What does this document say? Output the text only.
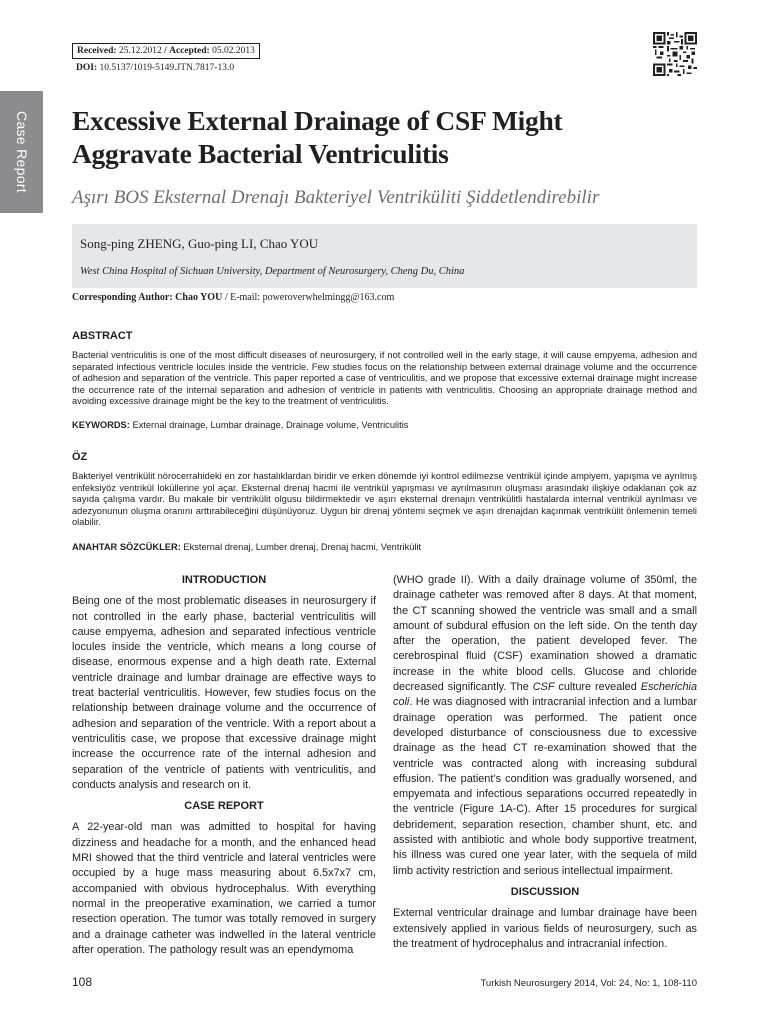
Case Report
Received: 25.12.2012 / Accepted: 05.02.2013
DOI: 10.5137/1019-5149.JTN.7817-13.0
Excessive External Drainage of CSF Might Aggravate Bacterial Ventriculitis
Aşırı BOS Eksternal Drenajı Bakteriyel Ventriküliti Şiddetlendirebilir
Song-ping ZHENG, Guo-ping LI, Chao YOU
West China Hospital of Sichuan University, Department of Neurosurgery, Cheng Du, China
Corresponding Author: Chao YOU / E-mail: poweroverwhelmingg@163.com
ABSTRACT
Bacterial ventriculitis is one of the most difficult diseases of neurosurgery, if not controlled well in the early stage, it will cause empyema, adhesion and separated infectious ventricle locules inside the ventricle. Few studies focus on the relationship between external drainage volume and the occurrence of adhesion and separation of the ventricle. This paper reported a case of ventriculitis, and we propose that excessive external drainage might increase the occurrence rate of the internal separation and adhesion of ventricle in patients with ventriculitis. Choosing an appropriate drainage method and avoiding excessive drainage might be the key to the treatment of ventriculitis.
KEYWORDS: External drainage, Lumbar drainage, Drainage volume, Ventriculitis
ÖZ
Bakteriyel ventrikülit nörocerrahideki en zor hastalıklardan biridir ve erken dönemde iyi kontrol edilmezse ventrikül içinde ampiyem, yapışma ve ayrılmış enfeksiyöz ventrikül loküllerine yol açar. Eksternal drenaj hacmi ile ventrikül yapışması ve ayrılmasının oluşması arasındaki ilişkiye odaklanan çok az sayıda çalışma vardır. Bu makale bir ventrikülit olgusu bildirmektedir ve aşırı eksternal drenajın ventrikülitli hastalarda internal ventrikül ayrılması ve adezyonunun oluşma oranını arttırabileceğini düşünüyoruz. Uygun bir drenaj yöntemi seçmek ve aşırı drenajdan kaçınmak ventrikülit önlemenin temeli olabilir.
ANAHTAR SÖZCÜKLER: Eksternal drenaj, Lumber drenaj, Drenaj hacmi, Ventrikülit

INTRODUCTION

Being one of the most problematic diseases in neurosurgery if not controlled in the early phase, bacterial ventriculitis will cause empyema, adhesion and separated infectious ventricle locules inside the ventricle, which means a long course of disease, enormous expense and a high death rate. External ventricle drainage and lumbar drainage are effective ways to treat bacterial ventriculitis. However, few studies focus on the relationship between drainage volume and the occurrence of adhesion and separation of the ventricle. With a report about a ventriculitis case, we propose that excessive drainage might increase the occurrence rate of the internal adhesion and separation of the ventricle of patients with ventriculitis, and conducts analysis and research on it.

CASE REPORT

A 22-year-old man was admitted to hospital for having dizziness and headache for a month, and the enhanced head MRI showed that the third ventricle and lateral ventricles were occupied by a huge mass measuring about 6.5x7x7 cm, accompanied with obvious hydrocephalus. With everything normal in the preoperative examination, we carried a tumor resection operation. The tumor was totally removed in surgery and a drainage catheter was indwelled in the lateral ventricle after operation. The pathology result was an ependymoma

(WHO grade II). With a daily drainage volume of 350ml, the drainage catheter was removed after 8 days. At that moment, the CT scanning showed the ventricle was small and a small amount of subdural effusion on the left side. On the tenth day after the operation, the patient developed fever. The cerebrospinal fluid (CSF) examination showed a dramatic increase in the white blood cells. Glucose and chloride decreased significantly. The CSF culture revealed Escherichia coli. He was diagnosed with intracranial infection and a lumbar drainage operation was performed. The patient once developed disturbance of consciousness due to excessive drainage as the head CT re-examination showed that the ventricle was contracted along with increasing subdural effusion. The patient’s condition was gradually worsened, and empyemata and infectious separations occurred repeatedly in the ventricle (Figure 1A-C). After 15 procedures for surgical debridement, separation resection, chamber shunt, etc. and assisted with antibiotic and whole body supportive treatment, his illness was cured one year later, with the sequela of mild limb activity restriction and serious intellectual impairment.

DISCUSSION

External ventricular drainage and lumbar drainage have been extensively applied in various fields of neurosurgery, such as the treatment of hydrocephalus and intracranial infection.

108	Turkish Neurosurgery 2014, Vol: 24, No: 1, 108-110
